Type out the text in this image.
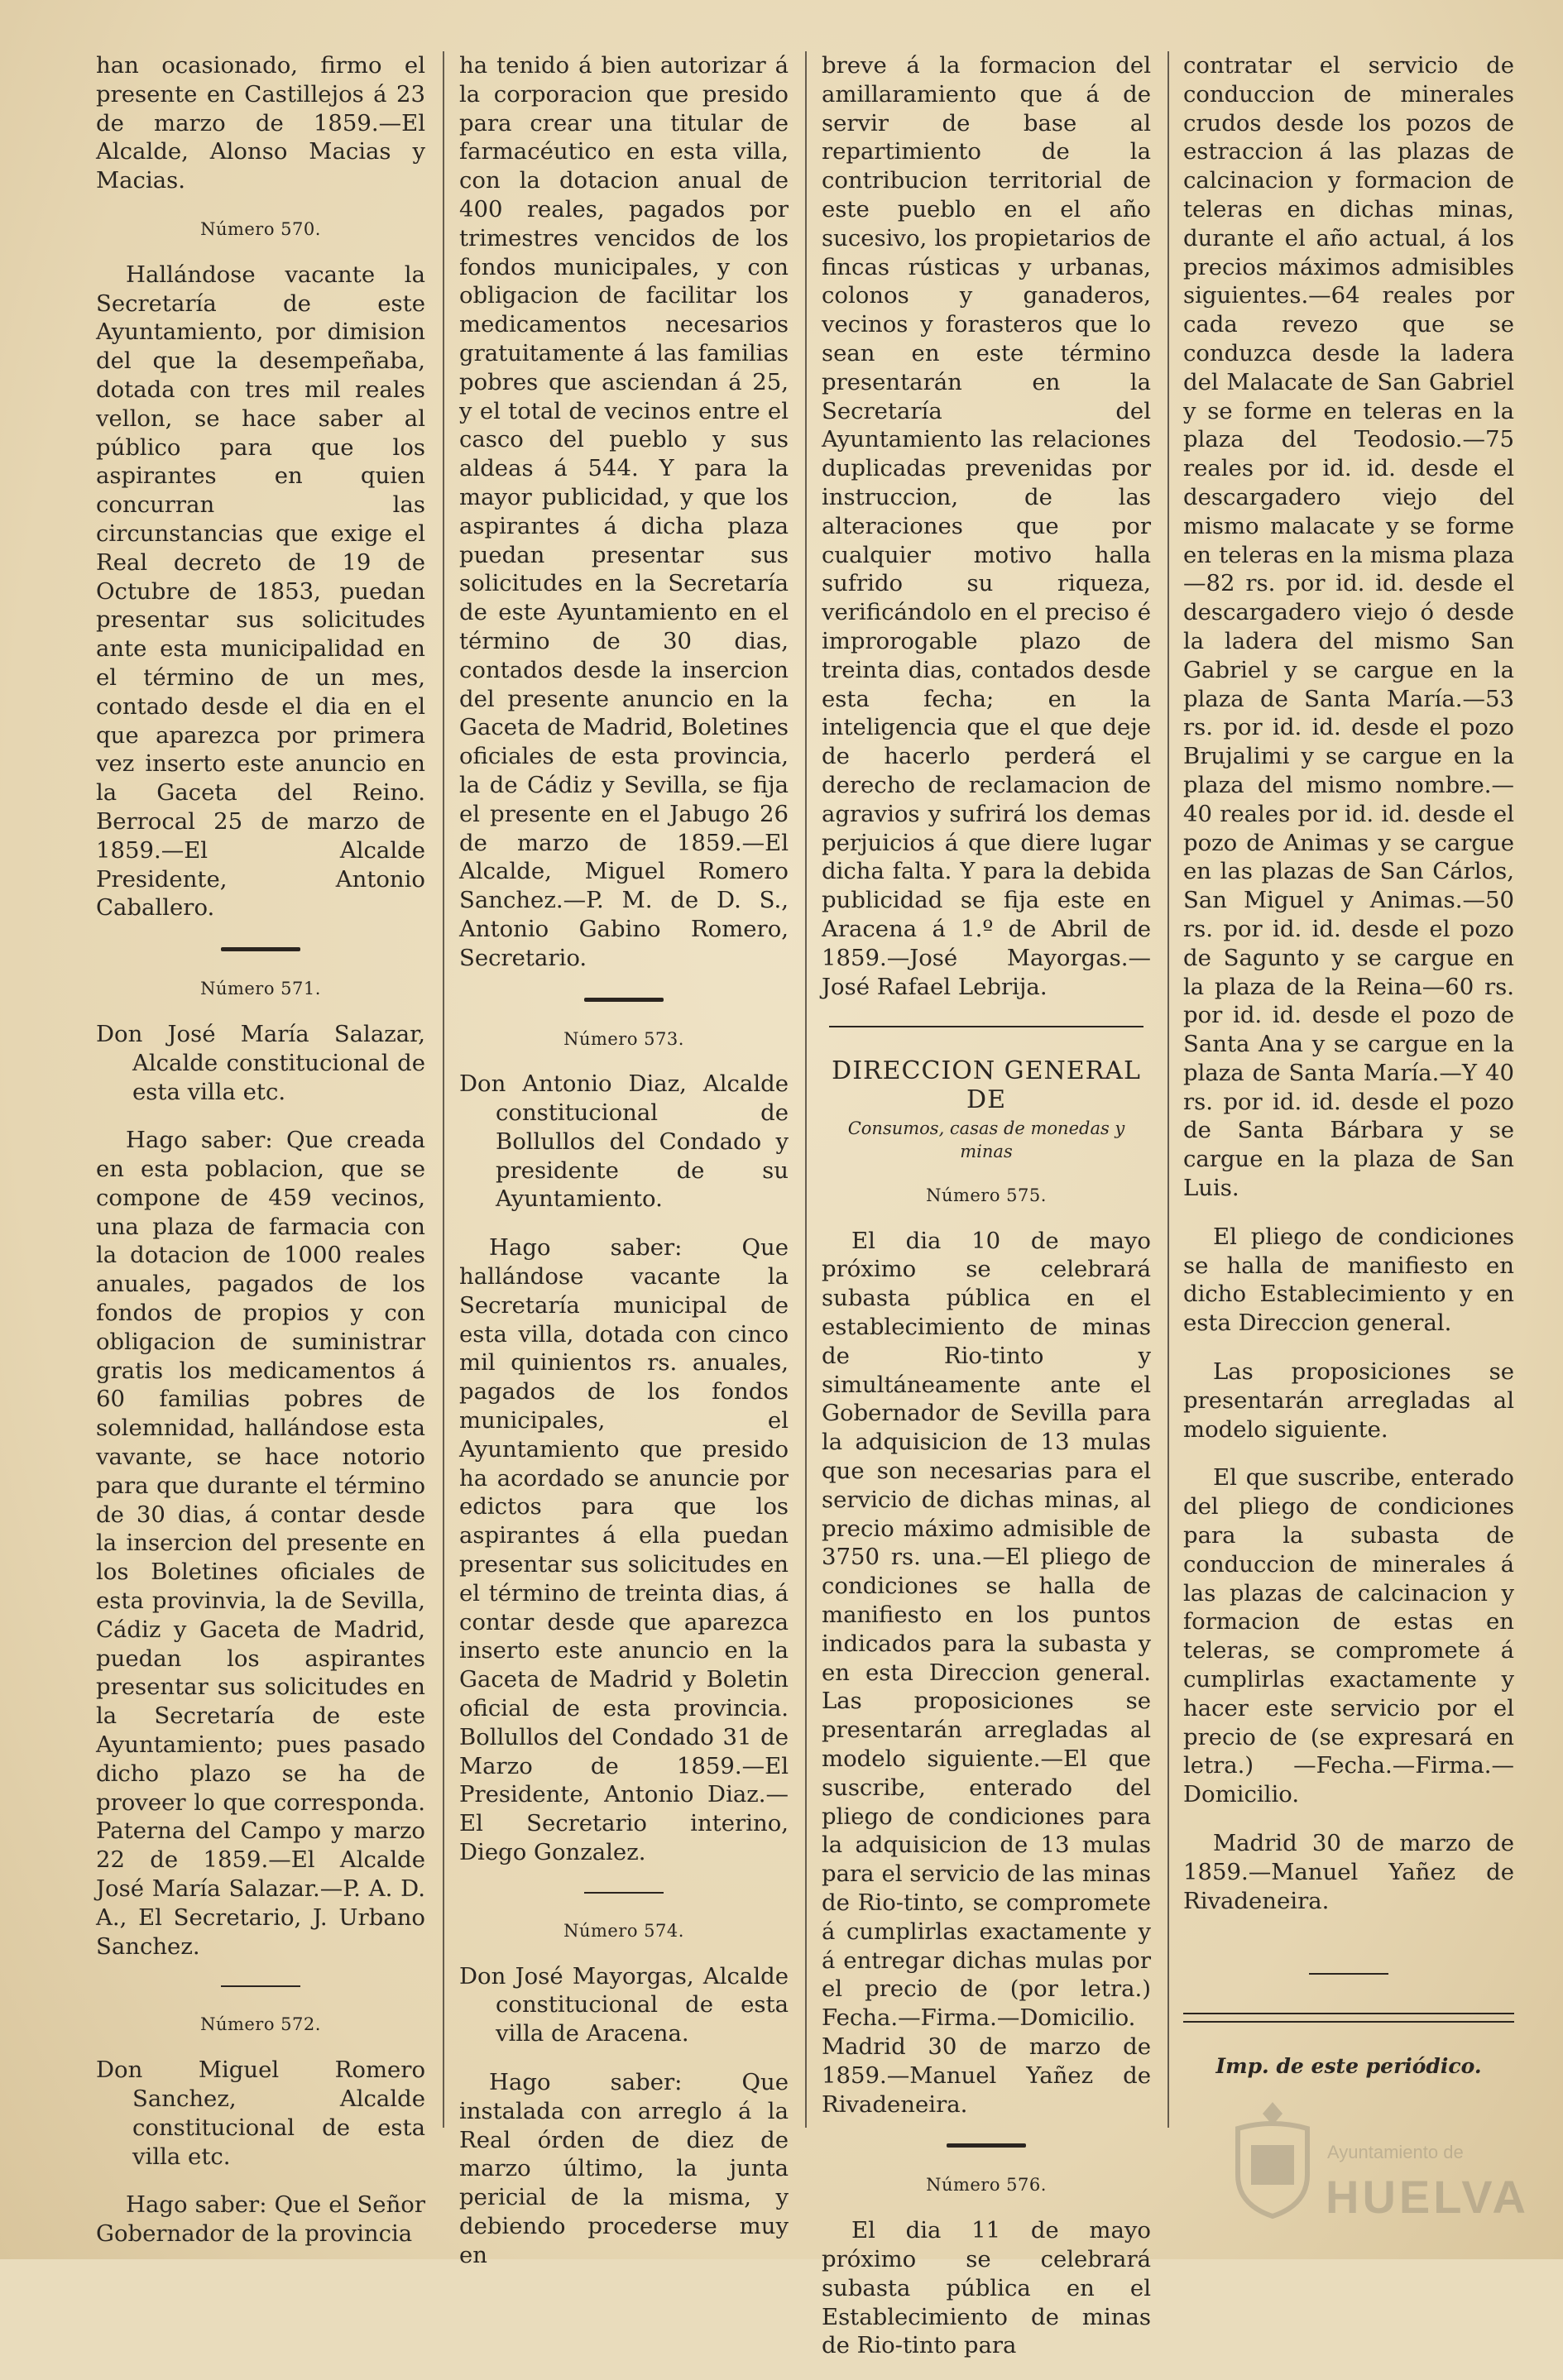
han ocasionado, firmo el presente en Castillejos á 23 de marzo de 1859.—El Alcalde, Alonso Macias y Macias.

Número 570.

Hallándose vacante la Secretaría de este Ayuntamiento, por dimision del que la desempeñaba, dotada con tres mil reales vellon, se hace saber al público para que los aspirantes en quien concurran las circunstancias que exige el Real decreto de 19 de Octubre de 1853, puedan presentar sus solicitudes ante esta municipalidad en el término de un mes, contado desde el dia en el que aparezca por primera vez inserto este anuncio en la Gaceta del Reino. Berrocal 25 de marzo de 1859.—El Alcalde Presidente, Antonio Caballero.

Número 571.

Don José María Salazar, Alcalde constitucional de esta villa etc.

Hago saber: Que creada en esta poblacion, que se compone de 459 vecinos, una plaza de farmacia con la dotacion de 1000 reales anuales, pagados de los fondos de propios y con obligacion de suministrar gratis los medicamentos á 60 familias pobres de solemnidad, hallándose esta vavante, se hace notorio para que durante el término de 30 dias, á contar desde la insercion del presente en los Boletines oficiales de esta provinvia, la de Sevilla, Cádiz y Gaceta de Madrid, puedan los aspirantes presentar sus solicitudes en la Secretaría de este Ayuntamiento; pues pasado dicho plazo se ha de proveer lo que corresponda. Paterna del Campo y marzo 22 de 1859.—El Alcalde José María Salazar.—P. A. D. A., El Secretario, J. Urbano Sanchez.

Número 572.

Don Miguel Romero Sanchez, Alcalde constitucional de esta villa etc.

Hago saber: Que el Señor Gobernador de la provincia

ha tenido á bien autorizar á la corporacion que presido para crear una titular de farmacéutico en esta villa, con la dotacion anual de 400 reales, pagados por trimestres vencidos de los fondos municipales, y con obligacion de facilitar los medicamentos necesarios gratuitamente á las familias pobres que asciendan á 25, y el total de vecinos entre el casco del pueblo y sus aldeas á 544. Y para la mayor publicidad, y que los aspirantes á dicha plaza puedan presentar sus solicitudes en la Secretaría de este Ayuntamiento en el término de 30 dias, contados desde la insercion del presente anuncio en la Gaceta de Madrid, Boletines oficiales de esta provincia, la de Cádiz y Sevilla, se fija el presente en el Jabugo 26 de marzo de 1859.—El Alcalde, Miguel Romero Sanchez.—P. M. de D. S., Antonio Gabino Romero, Secretario.

Número 573.

Don Antonio Diaz, Alcalde constitucional de Bollullos del Condado y presidente de su Ayuntamiento.

Hago saber: Que hallándose vacante la Secretaría municipal de esta villa, dotada con cinco mil quinientos rs. anuales, pagados de los fondos municipales, el Ayuntamiento que presido ha acordado se anuncie por edictos para que los aspirantes á ella puedan presentar sus solicitudes en el término de treinta dias, á contar desde que aparezca inserto este anuncio en la Gaceta de Madrid y Boletin oficial de esta provincia. Bollullos del Condado 31 de Marzo de 1859.—El Presidente, Antonio Diaz.—El Secretario interino, Diego Gonzalez.

Número 574.

Don José Mayorgas, Alcalde constitucional de esta villa de Aracena.

Hago saber: Que instalada con arreglo á la Real órden de diez de marzo último, la junta pericial de la misma, y debiendo procederse muy en

breve á la formacion del amillaramiento que á de servir de base al repartimiento de la contribucion territorial de este pueblo en el año sucesivo, los propietarios de fincas rústicas y urbanas, colonos y ganaderos, vecinos y forasteros que lo sean en este término presentarán en la Secretaría del Ayuntamiento las relaciones duplicadas prevenidas por instruccion, de las alteraciones que por cualquier motivo halla sufrido su riqueza, verificándolo en el preciso é improrogable plazo de treinta dias, contados desde esta fecha; en la inteligencia que el que deje de hacerlo perderá el derecho de reclamacion de agravios y sufrirá los demas perjuicios á que diere lugar dicha falta. Y para la debida publicidad se fija este en Aracena á 1.º de Abril de 1859.—José Mayorgas.—José Rafael Lebrija.

DIRECCION GENERAL DE
Consumos, casas de monedas y minas
Número 575.

El dia 10 de mayo próximo se celebrará subasta pública en el establecimiento de minas de Rio-tinto y simultáneamente ante el Gobernador de Sevilla para la adquisicion de 13 mulas que son necesarias para el servicio de dichas minas, al precio máximo admisible de 3750 rs. una.—El pliego de condiciones se halla de manifiesto en los puntos indicados para la subasta y en esta Direccion general. Las proposiciones se presentarán arregladas al modelo siguiente.—El que suscribe, enterado del pliego de condiciones para la adquisicion de 13 mulas para el servicio de las minas de Rio-tinto, se compromete á cumplirlas exactamente y á entregar dichas mulas por el precio de (por letra.) Fecha.—Firma.—Domicilio. Madrid 30 de marzo de 1859.—Manuel Yañez de Rivadeneira.

Número 576.

El dia 11 de mayo próximo se celebrará subasta pública en el Establecimiento de minas de Rio-tinto para

contratar el servicio de conduccion de minerales crudos desde los pozos de estraccion á las plazas de calcinacion y formacion de teleras en dichas minas, durante el año actual, á los precios máximos admisibles siguientes.—64 reales por cada revezo que se conduzca desde la ladera del Malacate de San Gabriel y se forme en teleras en la plaza del Teodosio.—75 reales por id. id. desde el descargadero viejo del mismo malacate y se forme en teleras en la misma plaza—82 rs. por id. id. desde el descargadero viejo ó desde la ladera del mismo San Gabriel y se cargue en la plaza de Santa María.—53 rs. por id. id. desde el pozo Brujalimi y se cargue en la plaza del mismo nombre.—40 reales por id. id. desde el pozo de Animas y se cargue en las plazas de San Cárlos, San Miguel y Animas.—50 rs. por id. id. desde el pozo de Sagunto y se cargue en la plaza de la Reina—60 rs. por id. id. desde el pozo de Santa Ana y se cargue en la plaza de Santa María.—Y 40 rs. por id. id. desde el pozo de Santa Bárbara y se cargue en la plaza de San Luis.

El pliego de condiciones se halla de manifiesto en dicho Establecimiento y en esta Direccion general.

Las proposiciones se presentarán arregladas al modelo siguiente.

El que suscribe, enterado del pliego de condiciones para la subasta de conduccion de minerales á las plazas de calcinacion y formacion de estas en teleras, se compromete á cumplirlas exactamente y hacer este servicio por el precio de (se expresará en letra.) —Fecha.—Firma.—Domicilio.

Madrid 30 de marzo de 1859.—Manuel Yañez de Rivadeneira.

Imp. de este periódico.
Ayuntamiento de
HUELVA
